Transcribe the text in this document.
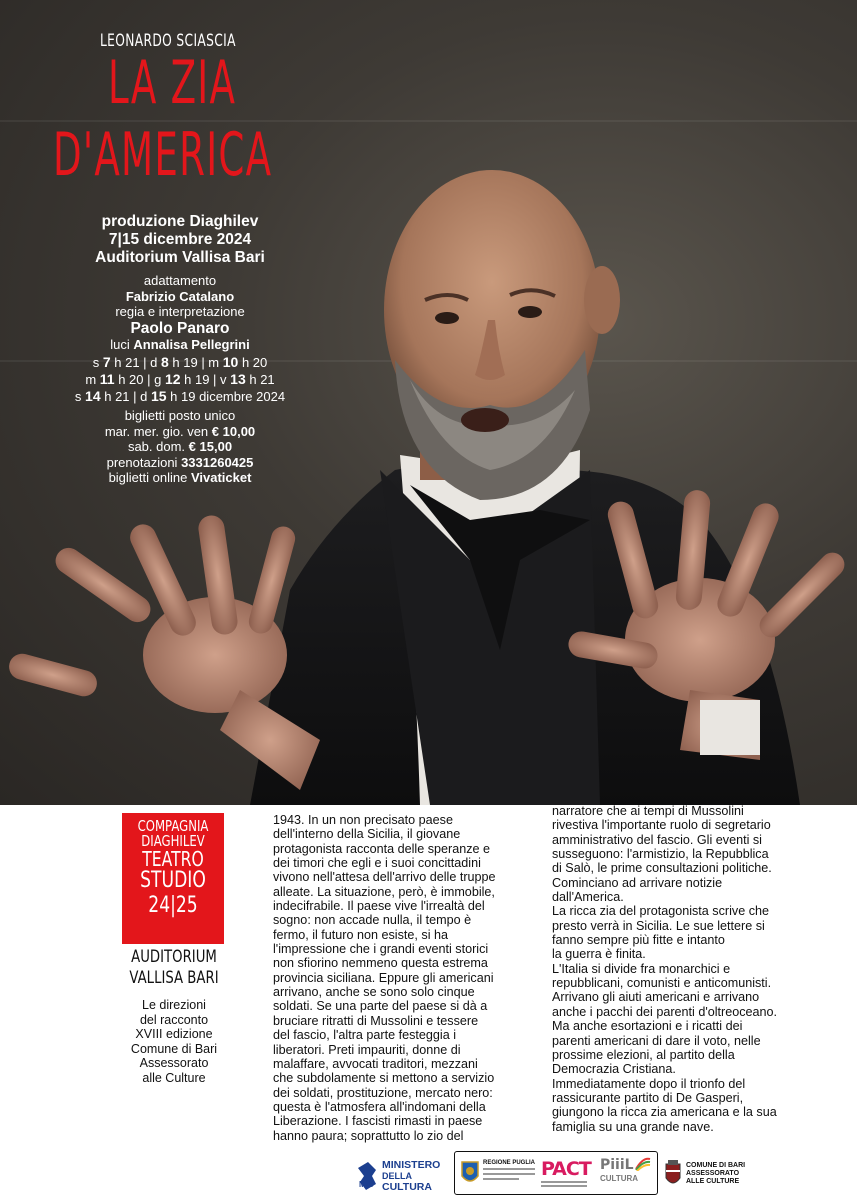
LEONARDO SCIASCIA
LA ZIA
D'AMERICA
produzione Diaghilev
7|15 dicembre 2024
Auditorium Vallisa Bari
adattamento
Fabrizio Catalano
regia e interpretazione
Paolo Panaro
luci Annalisa Pellegrini
s 7 h 21 | d 8 h 19 | m 10 h 20
m 11 h 20 | g 12 h 19 | v 13 h 21
s 14 h 21 | d 15 h 19 dicembre 2024
biglietti posto unico
mar. mer. gio. ven € 10,00
sab. dom. € 15,00
prenotazioni 3331260425
biglietti online Vivaticket
COMPAGNIA
DIAGHILEV
TEATRO
STUDIO
24|25
AUDITORIUM
VALLISA BARI
Le direzioni
del racconto
XVIII edizione
Comune di Bari
Assessorato
alle Culture

1943. In un non precisato paese

dell'interno della Sicilia, il giovane

protagonista racconta delle speranze e

dei timori che egli e i suoi concittadini

vivono nell'attesa dell'arrivo delle truppe

alleate. La situazione, però, è immobile,

indecifrabile. Il paese vive l'irrealtà del

sogno: non accade nulla, il tempo è

fermo, il futuro non esiste, si ha

l'impressione che i grandi eventi storici

non sfiorino nemmeno questa estrema

provincia siciliana. Eppure gli americani

arrivano, anche se sono solo cinque

soldati. Se una parte del paese si dà a

bruciare ritratti di Mussolini e tessere

del fascio, l'altra parte festeggia i

liberatori. Preti impauriti, donne di

malaffare, avvocati traditori, mezzani

che subdolamente si mettono a servizio

dei soldati, prostituzione, mercato nero:

questa è l'atmosfera all'indomani della

Liberazione. I fascisti rimasti in paese

hanno paura; soprattutto lo zio del

narratore che ai tempi di Mussolini

rivestiva l'importante ruolo di segretario

amministrativo del fascio. Gli eventi si

susseguono: l'armistizio, la Repubblica

di Salò, le prime consultazioni politiche.

Cominciano ad arrivare notizie

dall'America.

La ricca zia del protagonista scrive che

presto verrà in Sicilia. Le sue lettere si

fanno sempre più fitte e intanto

la guerra è finita.

L'Italia si divide fra monarchici e

repubblicani, comunisti e anticomunisti.

Arrivano gli aiuti americani e arrivano

anche i pacchi dei parenti d'oltreoceano.

Ma anche esortazioni e i ricatti dei

parenti americani di dare il voto, nelle

prossime elezioni, al partito della

Democrazia Cristiana.

Immediatamente dopo il trionfo del

rassicurante partito di De Gasperi,

giungono la ricca zia americana e la sua

famiglia su una grande nave.

MiC
MINISTERO
DELLA
CULTURA
REGIONE PUGLIA PACT PiiiL
CULTURA
COMUNE DI BARI
ASSESSORATO
ALLE CULTURE
